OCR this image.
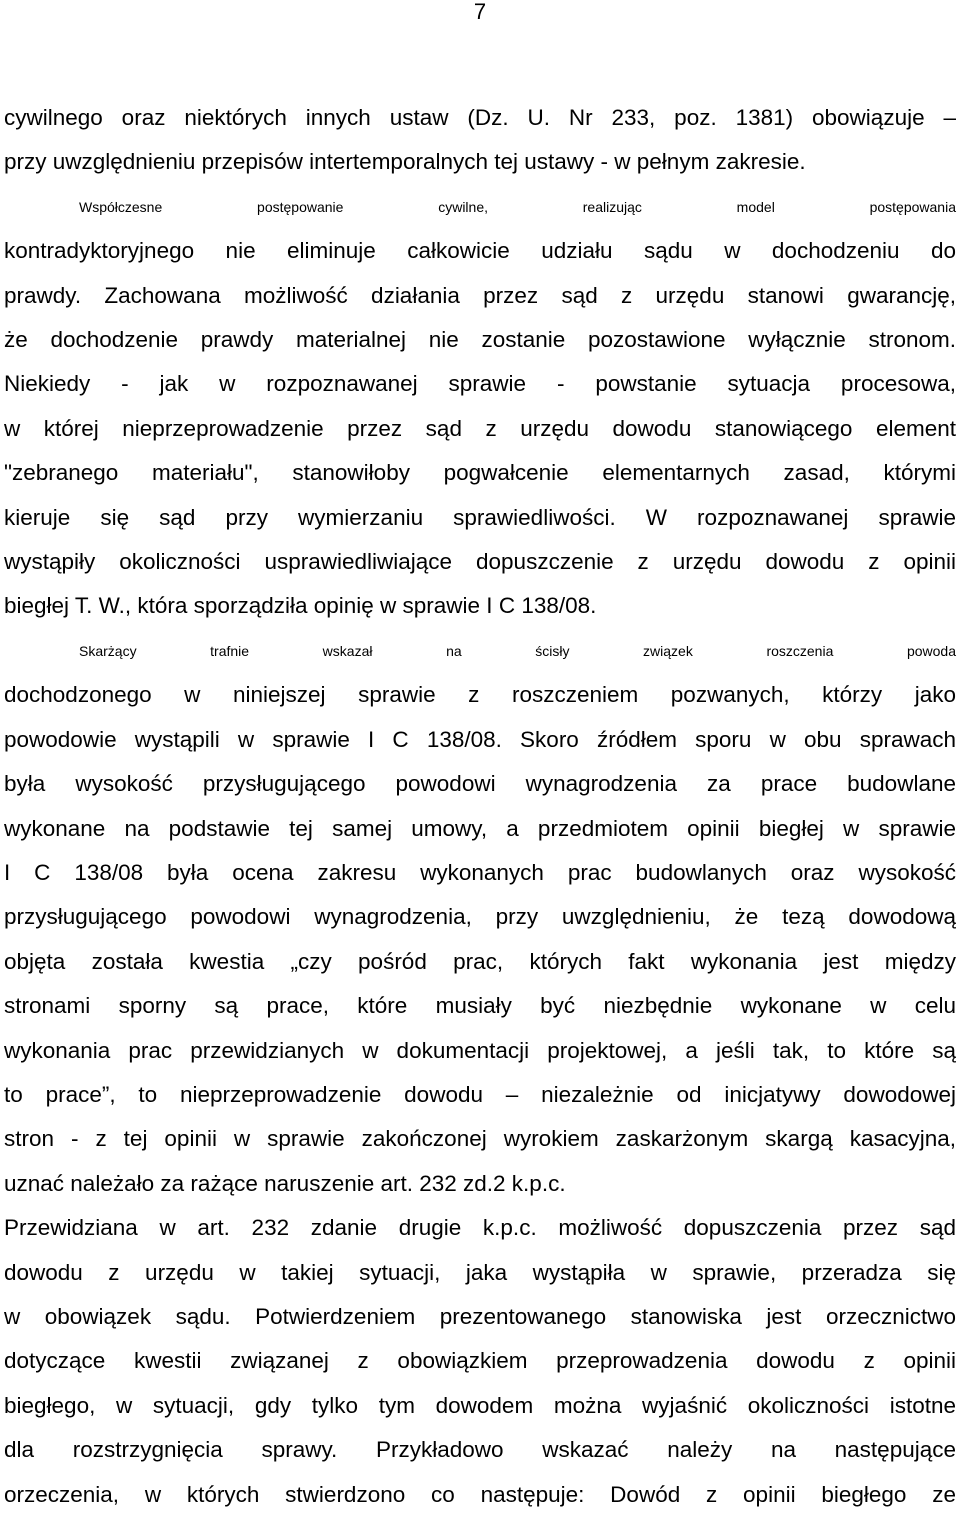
7

cywilnego oraz niektórych innych ustaw (Dz. U. Nr 233, poz. 1381) obowiązuje –

przy uwzględnieniu przepisów intertemporalnych tej ustawy - w pełnym zakresie.

Współczesne postępowanie cywilne, realizując model postępowania

kontradyktoryjnego nie eliminuje całkowicie udziału sądu w dochodzeniu do

prawdy. Zachowana możliwość działania przez sąd z urzędu stanowi gwarancję,

że dochodzenie prawdy materialnej nie zostanie pozostawione wyłącznie stronom.

Niekiedy - jak w rozpoznawanej sprawie - powstanie sytuacja procesowa,

w której nieprzeprowadzenie przez sąd z urzędu dowodu stanowiącego element

"zebranego materiału", stanowiłoby pogwałcenie elementarnych zasad, którymi

kieruje się sąd przy wymierzaniu sprawiedliwości. W rozpoznawanej sprawie

wystąpiły okoliczności usprawiedliwiające dopuszczenie z urzędu dowodu z opinii

biegłej T. W., która sporządziła opinię w sprawie I C 138/08.

Skarżący trafnie wskazał na ścisły związek roszczenia powoda

dochodzonego w niniejszej sprawie z roszczeniem pozwanych, którzy jako

powodowie wystąpili w sprawie I C 138/08. Skoro źródłem sporu w obu sprawach

była wysokość przysługującego powodowi wynagrodzenia za prace budowlane

wykonane na podstawie tej samej umowy, a przedmiotem opinii biegłej w sprawie

I C 138/08 była ocena zakresu wykonanych prac budowlanych oraz wysokość

przysługującego powodowi wynagrodzenia, przy uwzględnieniu, że tezą dowodową

objęta została kwestia „czy pośród prac, których fakt wykonania jest między

stronami sporny są prace, które musiały być niezbędnie wykonane w celu

wykonania prac przewidzianych w dokumentacji projektowej, a jeśli tak, to które są

to prace”, to nieprzeprowadzenie dowodu – niezależnie od inicjatywy dowodowej

stron - z tej opinii w sprawie zakończonej wyrokiem zaskarżonym skargą kasacyjna,

uznać należało za rażące naruszenie art. 232 zd.2 k.p.c.

Przewidziana w art. 232 zdanie drugie k.p.c. możliwość dopuszczenia przez sąd

dowodu z urzędu w takiej sytuacji, jaka wystąpiła w sprawie, przeradza się

w obowiązek sądu. Potwierdzeniem prezentowanego stanowiska jest orzecznictwo

dotyczące kwestii związanej z obowiązkiem przeprowadzenia dowodu z opinii

biegłego, w sytuacji, gdy tylko tym dowodem można wyjaśnić okoliczności istotne

dla rozstrzygnięcia sprawy. Przykładowo wskazać należy na następujące

orzeczenia, w których stwierdzono co następuje: Dowód z opinii biegłego ze
